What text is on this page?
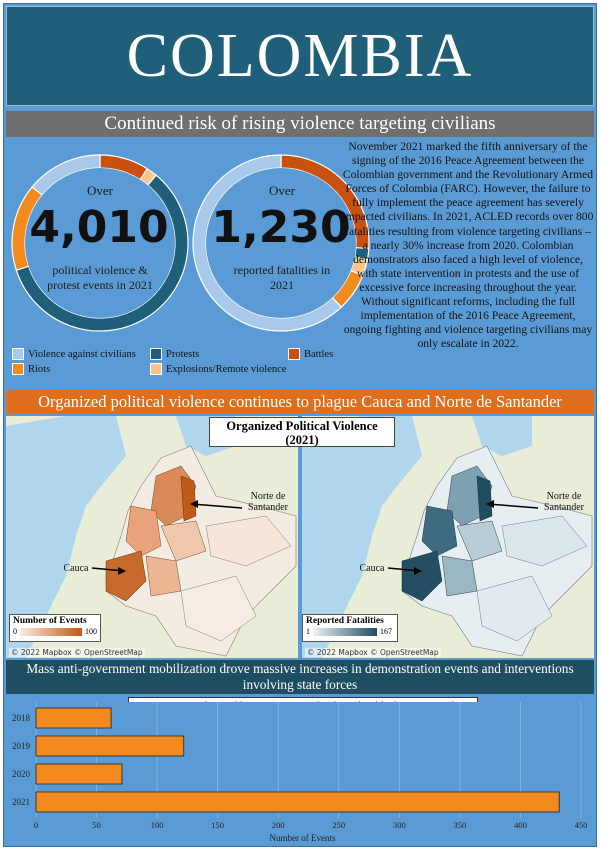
COLOMBIA
Continued risk of rising violence targeting civilians
Over
4,010
political violence & protest events in 2021
Over
1,230
reported fatalities in 2021
November 2021 marked the fifth anniversary of the signing of the 2016 Peace Agreement between the Colombian government and the Revolutionary Armed Forces of Colombia (FARC). However, the failure to fully implement the peace agreement has severely impacted civilians. In 2021, ACLED records over 800 fatalities resulting from violence targeting civilians – a nearly 30% increase from 2020. Colombian demonstrators also faced a high level of violence, with state intervention in protests and the use of excessive force increasing throughout the year. Without significant reforms, including the full implementation of the 2016 Peace Agreement, ongoing fighting and violence targeting civilians may only escalate in 2022.
Violence against civilians	Protests	Battles
Riots	Explosions/Remote violence
Organized political violence continues to plague Cauca and Norte de Santander
Norte de
Santander
Cauca
Norte de
Santander
Cauca
Organized Political Violence
(2021)
Number of Events
0	100
Reported Fatalities
1	167
© 2022 Mapbox © OpenStreetMap	© 2022 Mapbox © OpenStreetMap
Mass anti-government mobilization drove massive increases in demonstration events and interventions involving state forces
0	50	100	150	200	250	300	350	400	450
2018
2019
2020
2021
Number of Events
